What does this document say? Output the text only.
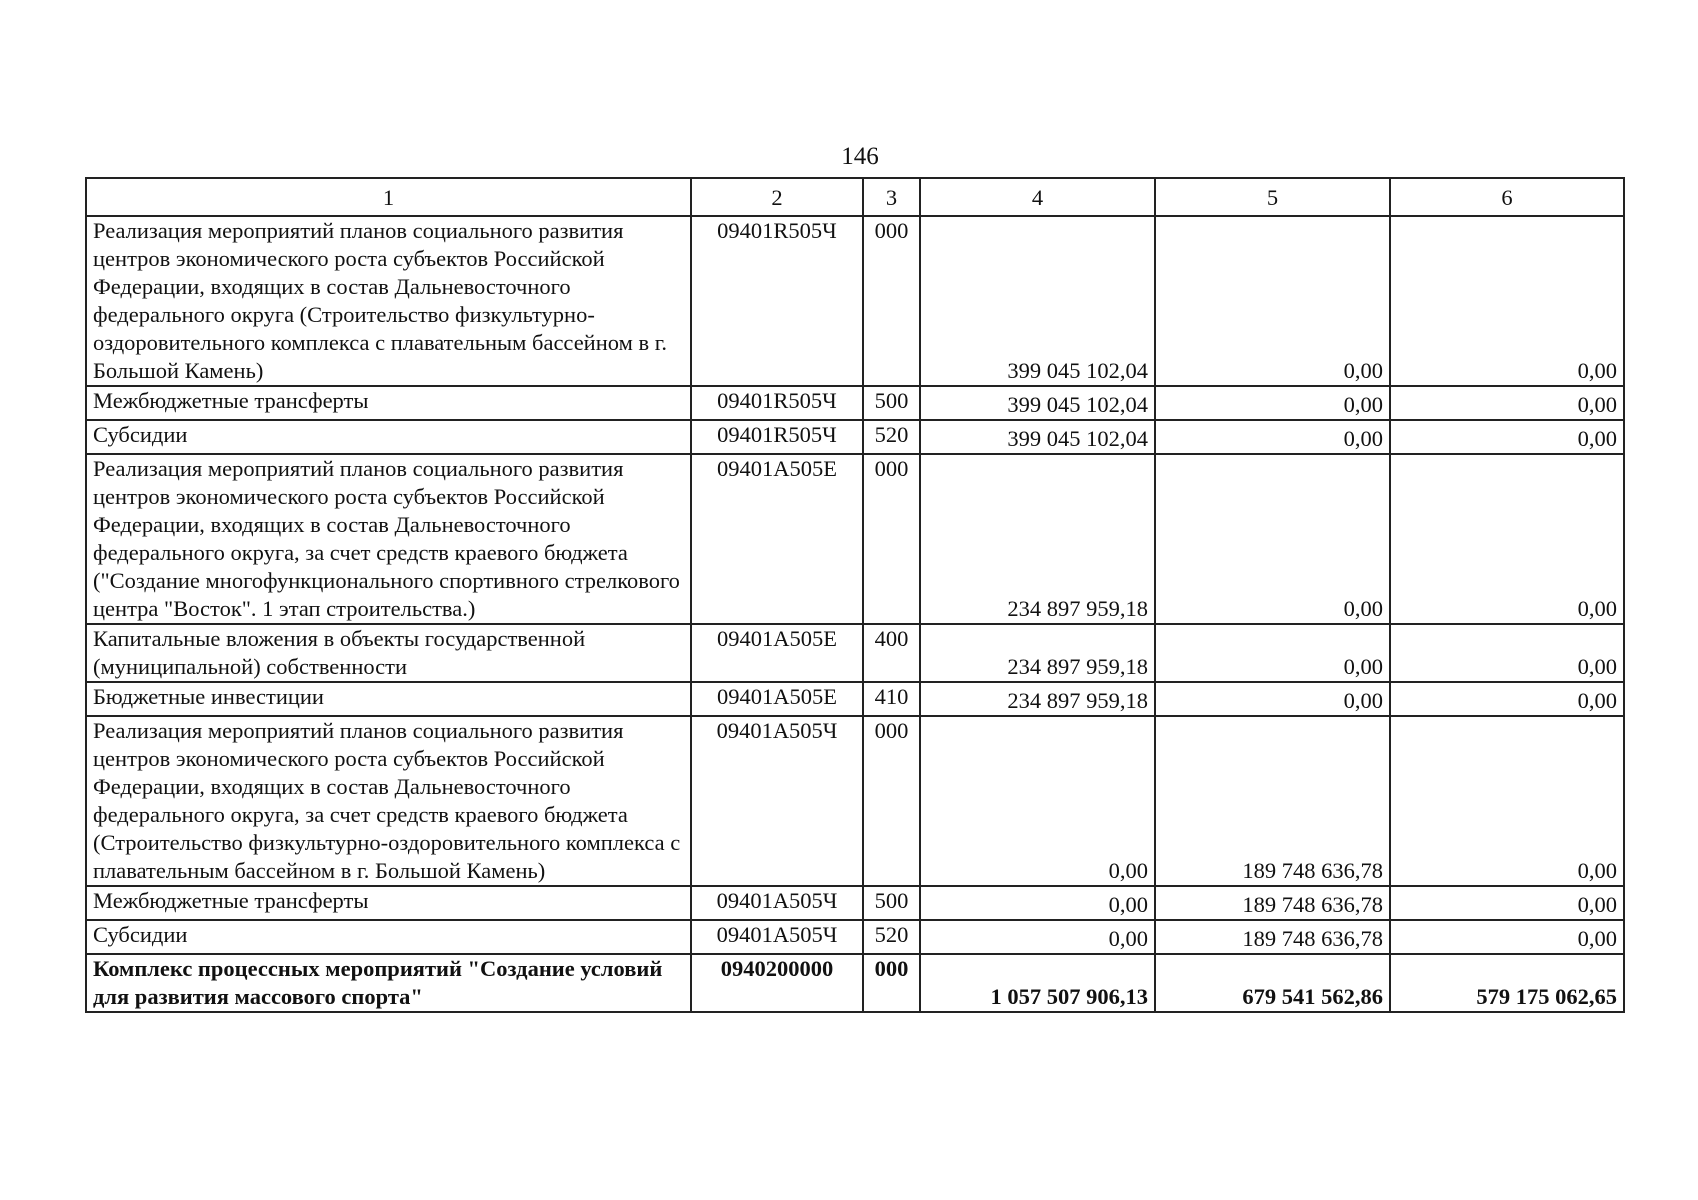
146
1	2	3	4	5	6
Реализация мероприятий планов социального развития центров экономического роста субъектов Российской Федерации, входящих в состав Дальневосточного федерального округа (Строительство физкультурно-оздоровительного комплекса с плавательным бассейном в г. Большой Камень)	09401R505Ч	000	399 045 102,04	0,00	0,00
Межбюджетные трансферты	09401R505Ч	500	399 045 102,04	0,00	0,00
Субсидии	09401R505Ч	520	399 045 102,04	0,00	0,00
Реализация мероприятий планов социального развития центров экономического роста субъектов Российской Федерации, входящих в состав Дальневосточного федерального округа, за счет средств краевого бюджета ("Создание многофункционального спортивного стрелкового центра "Восток". 1 этап строительства.)	09401A505E	000	234 897 959,18	0,00	0,00
Капитальные вложения в объекты государственной (муниципальной) собственности	09401A505E	400	234 897 959,18	0,00	0,00
Бюджетные инвестиции	09401A505E	410	234 897 959,18	0,00	0,00
Реализация мероприятий планов социального развития центров экономического роста субъектов Российской Федерации, входящих в состав Дальневосточного федерального округа, за счет средств краевого бюджета (Строительство физкультурно-оздоровительного комплекса с плавательным бассейном в г. Большой Камень)	09401A505Ч	000	0,00	189 748 636,78	0,00
Межбюджетные трансферты	09401A505Ч	500	0,00	189 748 636,78	0,00
Субсидии	09401A505Ч	520	0,00	189 748 636,78	0,00
Комплекс процессных мероприятий "Создание условий для развития массового спорта"	0940200000	000	1 057 507 906,13	679 541 562,86	579 175 062,65
